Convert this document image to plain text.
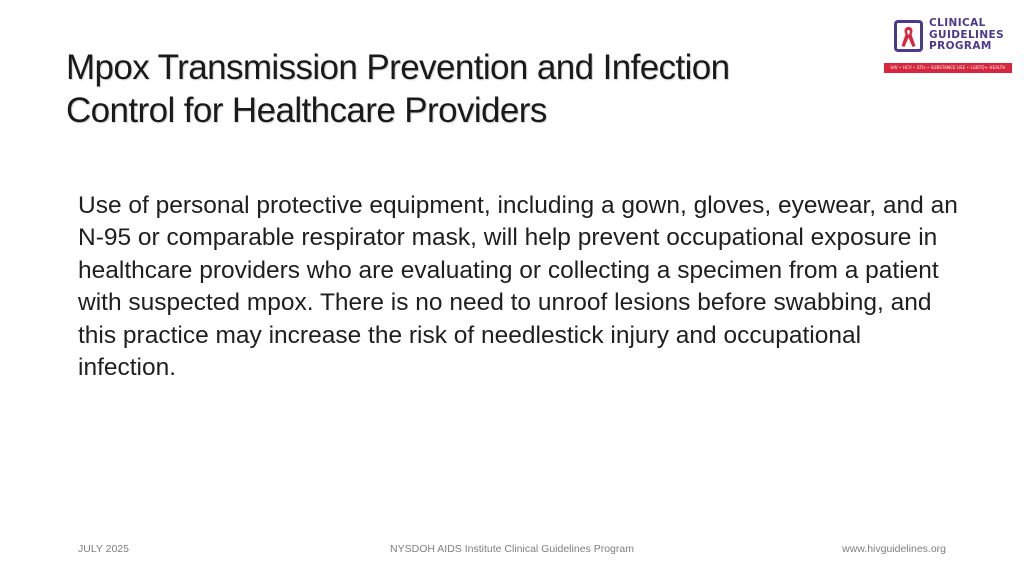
Mpox Transmission Prevention and Infection
Control for Healthcare Providers
CLINICAL
GUIDELINES
PROGRAM
HIV • HCV • STIs • SUBSTANCE USE • LGBTQ+ HEALTH

Use of personal protective equipment, including a gown, gloves, eyewear, and an N-95 or comparable respirator mask, will help prevent occupational exposure in healthcare providers who are evaluating or collecting a specimen from a patient with suspected mpox. There is no need to unroof lesions before swabbing, and this practice may increase the risk of needlestick injury and occupational infection.

JULY 2025	NYSDOH AIDS Institute Clinical Guidelines Program	www.hivguidelines.org
